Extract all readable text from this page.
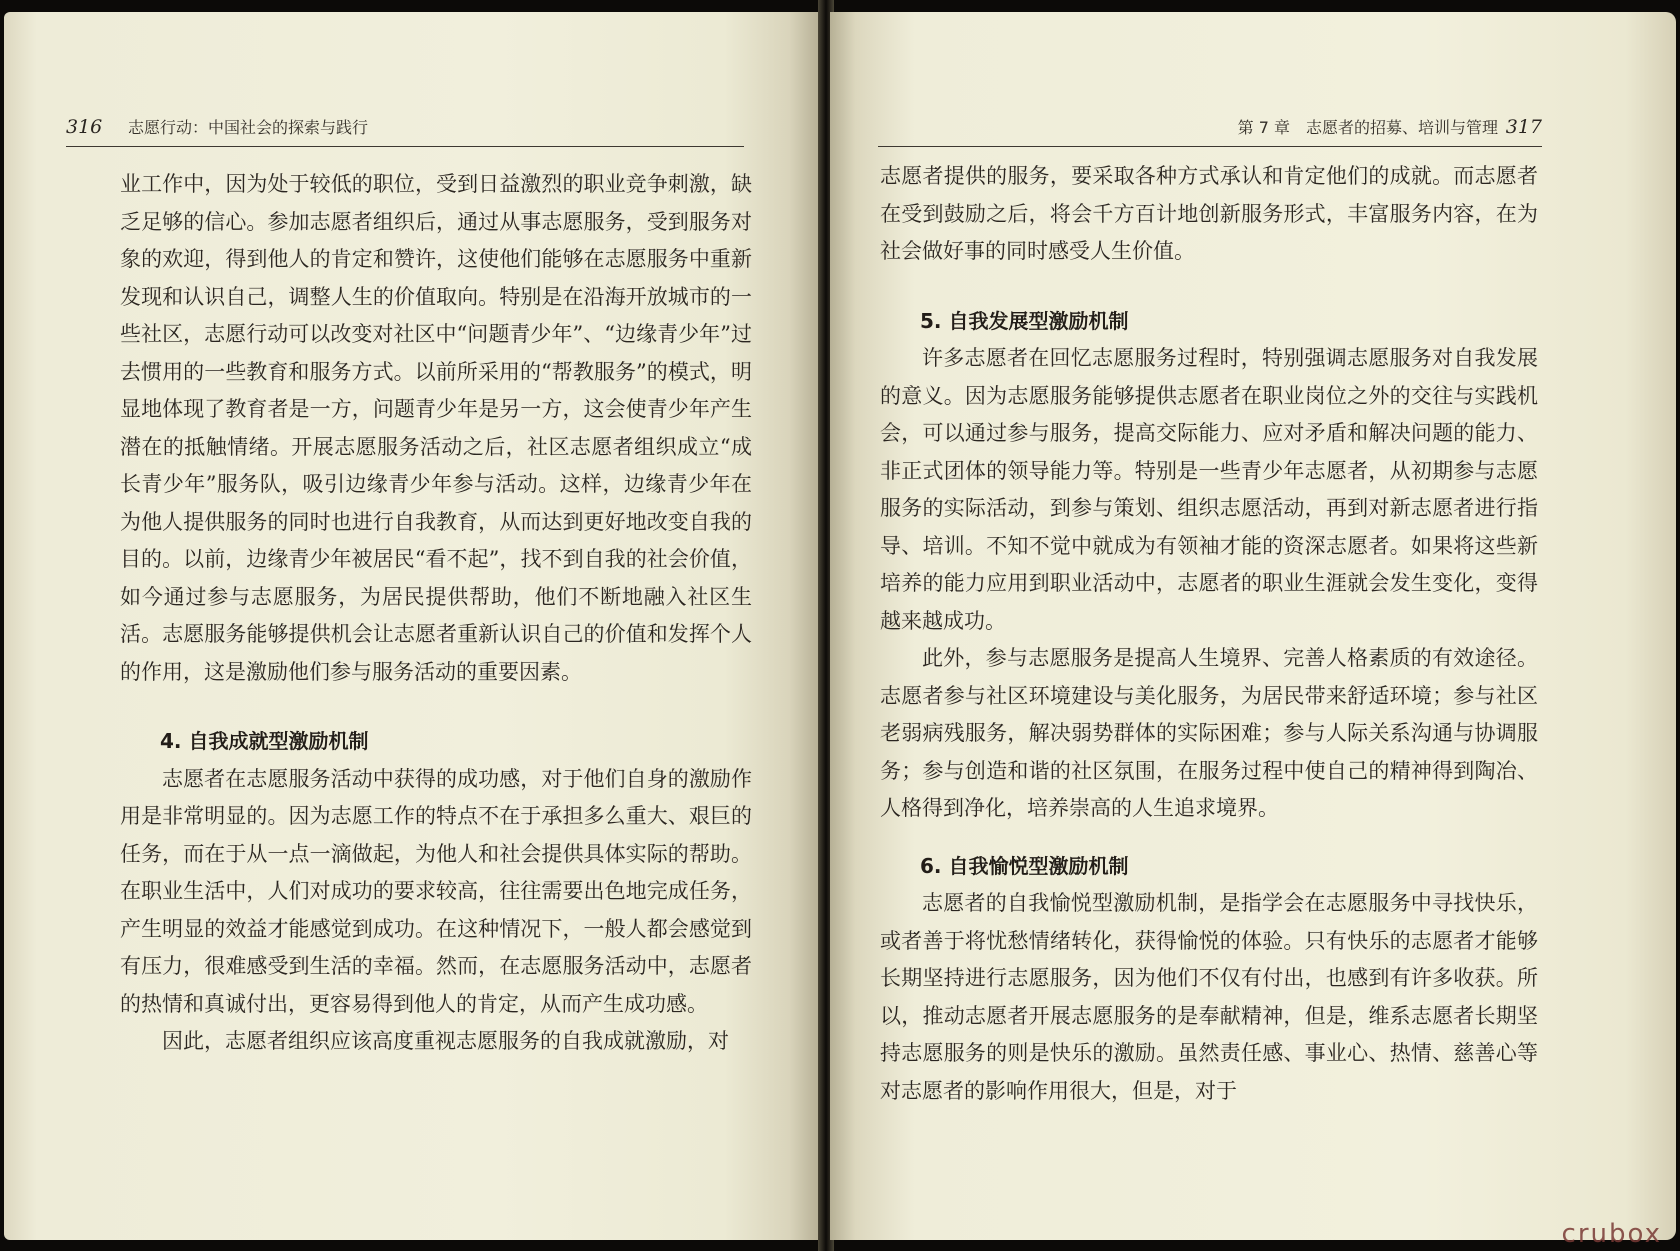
316 志愿行动：中国社会的探索与践行

业工作中，因为处于较低的职位，受到日益激烈的职业竞争刺激，缺乏足够的信心。参加志愿者组织后，通过从事志愿服务，受到服务对象的欢迎，得到他人的肯定和赞许，这使他们能够在志愿服务中重新发现和认识自己，调整人生的价值取向。特别是在沿海开放城市的一些社区，志愿行动可以改变对社区中“问题青少年”、“边缘青少年”过去惯用的一些教育和服务方式。以前所采用的“帮教服务”的模式，明显地体现了教育者是一方，问题青少年是另一方，这会使青少年产生潜在的抵触情绪。开展志愿服务活动之后，社区志愿者组织成立“成长青少年”服务队，吸引边缘青少年参与活动。这样，边缘青少年在为他人提供服务的同时也进行自我教育，从而达到更好地改变自我的目的。以前，边缘青少年被居民“看不起”，找不到自我的社会价值，如今通过参与志愿服务，为居民提供帮助，他们不断地融入社区生活。志愿服务能够提供机会让志愿者重新认识自己的价值和发挥个人的作用，这是激励他们参与服务活动的重要因素。

4. 自我成就型激励机制

志愿者在志愿服务活动中获得的成功感，对于他们自身的激励作用是非常明显的。因为志愿工作的特点不在于承担多么重大、艰巨的任务，而在于从一点一滴做起，为他人和社会提供具体实际的帮助。在职业生活中，人们对成功的要求较高，往往需要出色地完成任务，产生明显的效益才能感觉到成功。在这种情况下，一般人都会感觉到有压力，很难感受到生活的幸福。然而，在志愿服务活动中，志愿者的热情和真诚付出，更容易得到他人的肯定，从而产生成功感。

因此，志愿者组织应该高度重视志愿服务的自我成就激励，对

第 7 章　志愿者的招募、培训与管理 317

志愿者提供的服务，要采取各种方式承认和肯定他们的成就。而志愿者在受到鼓励之后，将会千方百计地创新服务形式，丰富服务内容，在为社会做好事的同时感受人生价值。

5. 自我发展型激励机制

许多志愿者在回忆志愿服务过程时，特别强调志愿服务对自我发展的意义。因为志愿服务能够提供志愿者在职业岗位之外的交往与实践机会，可以通过参与服务，提高交际能力、应对矛盾和解决问题的能力、非正式团体的领导能力等。特别是一些青少年志愿者，从初期参与志愿服务的实际活动，到参与策划、组织志愿活动，再到对新志愿者进行指导、培训。不知不觉中就成为有领袖才能的资深志愿者。如果将这些新培养的能力应用到职业活动中，志愿者的职业生涯就会发生变化，变得越来越成功。

此外，参与志愿服务是提高人生境界、完善人格素质的有效途径。志愿者参与社区环境建设与美化服务，为居民带来舒适环境；参与社区老弱病残服务，解决弱势群体的实际困难；参与人际关系沟通与协调服务；参与创造和谐的社区氛围，在服务过程中使自己的精神得到陶冶、人格得到净化，培养崇高的人生追求境界。

6. 自我愉悦型激励机制

志愿者的自我愉悦型激励机制，是指学会在志愿服务中寻找快乐，或者善于将忧愁情绪转化，获得愉悦的体验。只有快乐的志愿者才能够长期坚持进行志愿服务，因为他们不仅有付出，也感到有许多收获。所以，推动志愿者开展志愿服务的是奉献精神，但是，维系志愿者长期坚持志愿服务的则是快乐的激励。虽然责任感、事业心、热情、慈善心等对志愿者的影响作用很大，但是，对于

crubox
